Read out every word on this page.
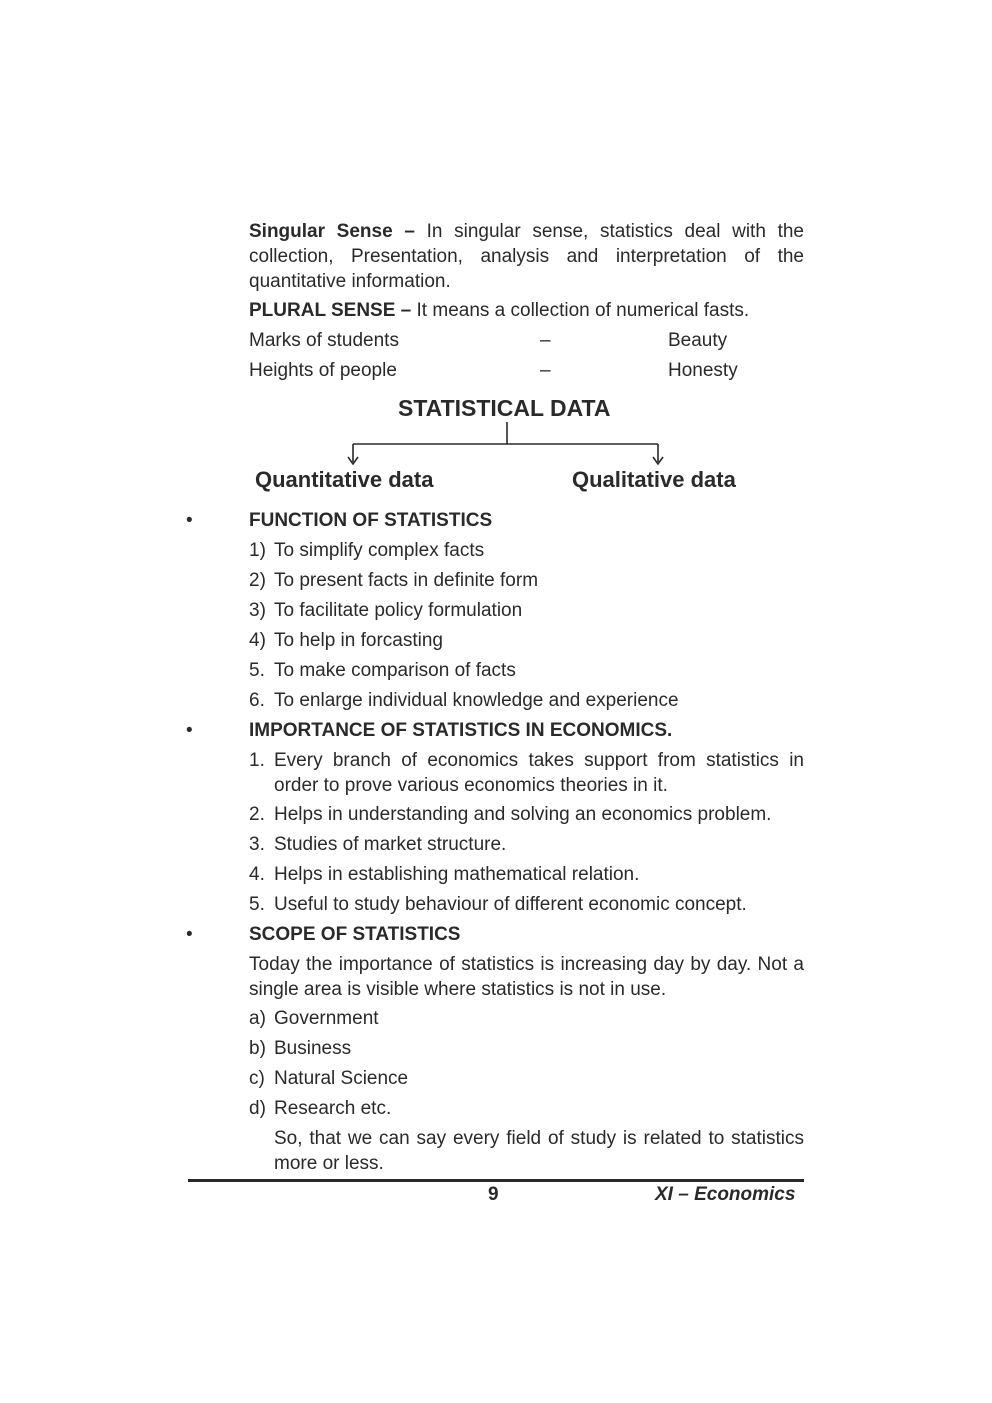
Singular Sense – In singular sense, statistics deal with the collection, Presentation, analysis and interpretation of the quantitative information.
PLURAL SENSE – It means a collection of numerical fasts.
Marks of students	–	Beauty
Heights of people	–	Honesty
STATISTICAL DATA
Quantitative data	Qualitative data
•	FUNCTION OF STATISTICS
1) To simplify complex facts
2) To present facts in definite form
3) To facilitate policy formulation
4) To help in forcasting
5. To make comparison of facts
6. To enlarge individual knowledge and experience
•	IMPORTANCE OF STATISTICS IN ECONOMICS.
1. Every branch of economics takes support from statistics in order to prove various economics theories in it.
2. Helps in understanding and solving an economics problem.
3. Studies of market structure.
4. Helps in establishing mathematical relation.
5. Useful to study behaviour of different economic concept.
•	SCOPE OF STATISTICS
Today the importance of statistics is increasing day by day. Not a single area is visible where statistics is not in use.
a) Government
b) Business
c) Natural Science
d) Research etc.
So, that we can say every field of study is related to statistics more or less.
9	XI – Economics
